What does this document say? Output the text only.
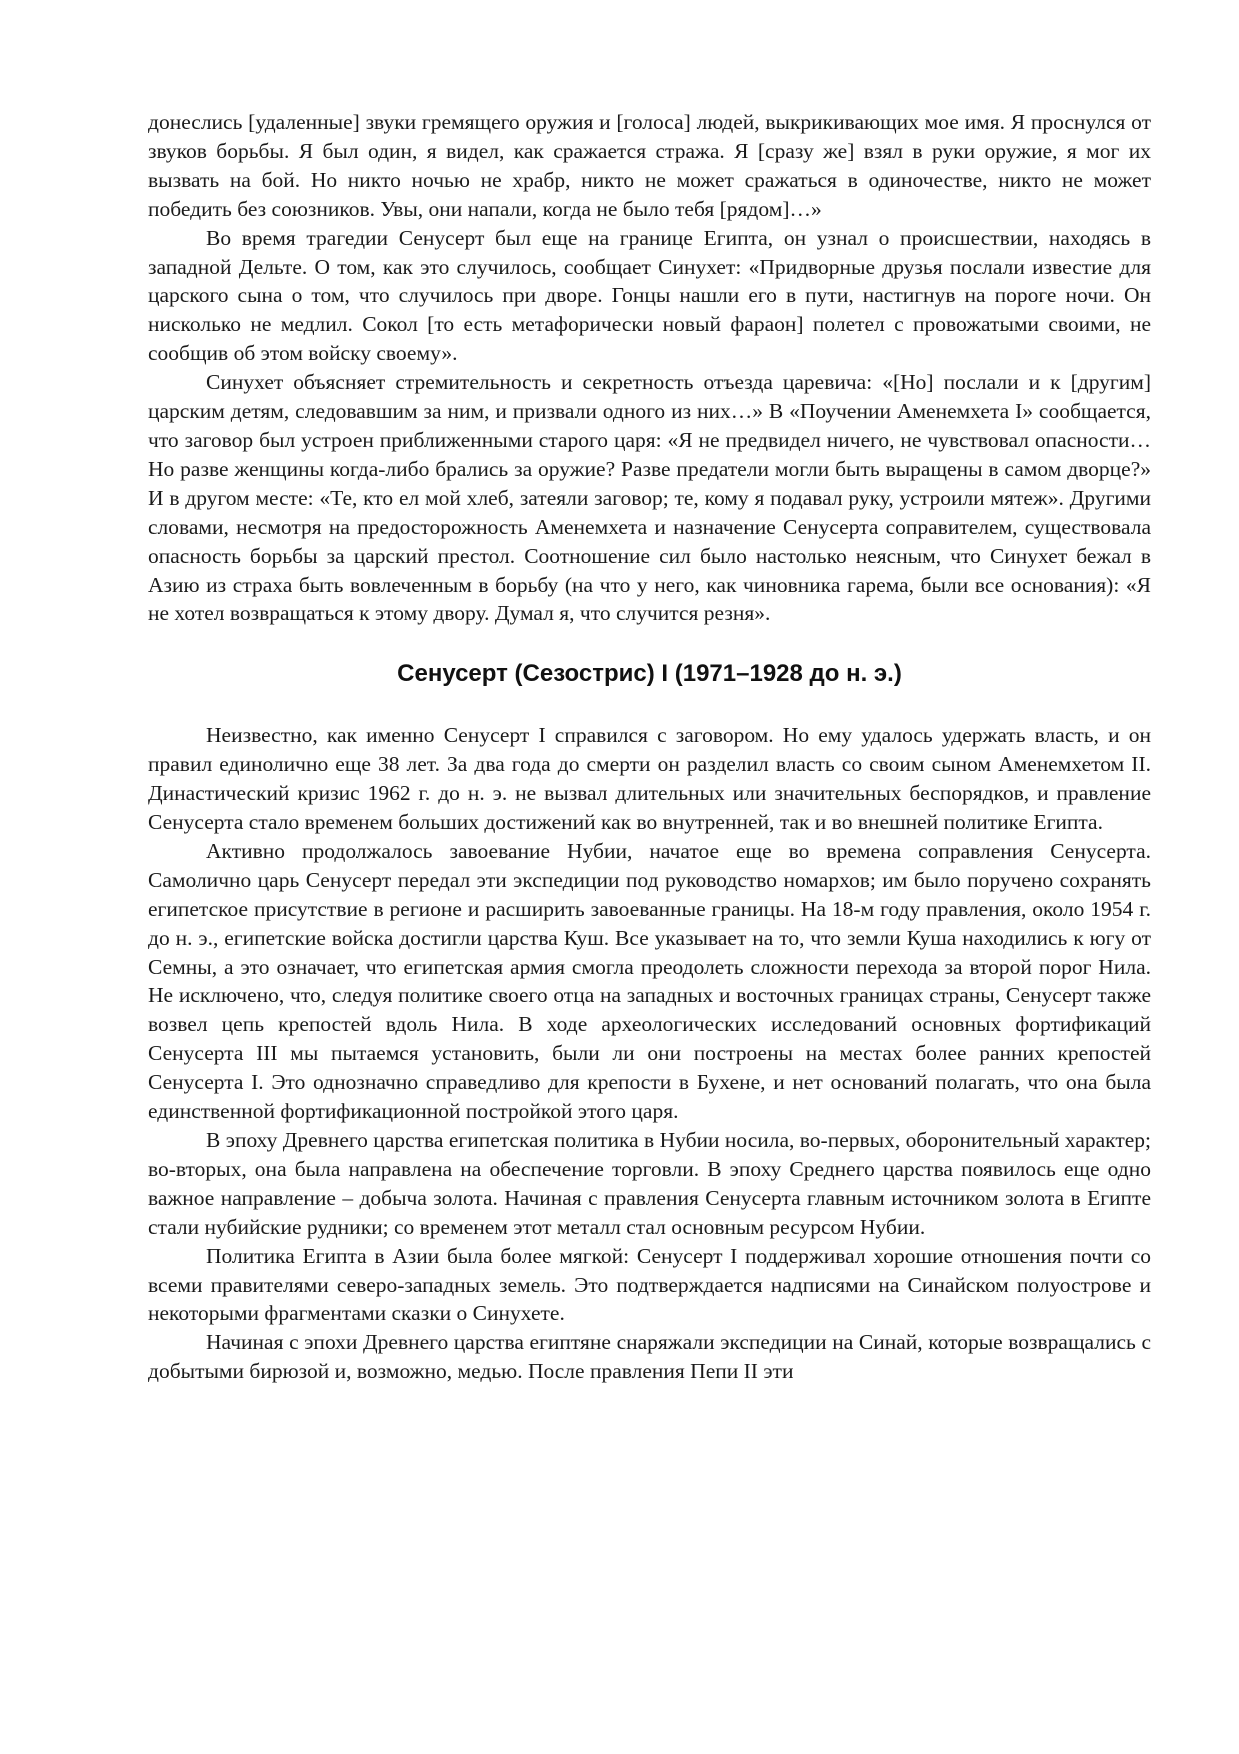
донеслись [удаленные] звуки гремящего оружия и [голоса] людей, выкрикивающих мое имя. Я проснулся от звуков борьбы. Я был один, я видел, как сражается стража. Я [сразу же] взял в руки оружие, я мог их вызвать на бой. Но никто ночью не храбр, никто не может сражаться в одиночестве, никто не может победить без союзников. Увы, они напали, когда не было тебя [рядом]…»

Во время трагедии Сенусерт был еще на границе Египта, он узнал о происшествии, находясь в западной Дельте. О том, как это случилось, сообщает Синухет: «Придворные друзья послали известие для царского сына о том, что случилось при дворе. Гонцы нашли его в пути, настигнув на пороге ночи. Он нисколько не медлил. Сокол [то есть метафорически новый фараон] полетел с провожатыми своими, не сообщив об этом войску своему».

Синухет объясняет стремительность и секретность отъезда царевича: «[Но] послали и к [другим] царским детям, следовавшим за ним, и призвали одного из них…» В «Поучении Аменемхета I» сообщается, что заговор был устроен приближенными старого царя: «Я не предвидел ничего, не чувствовал опасности… Но разве женщины когда-либо брались за оружие? Разве предатели могли быть выращены в самом дворце?» И в другом месте: «Те, кто ел мой хлеб, затеяли заговор; те, кому я подавал руку, устроили мятеж». Другими словами, несмотря на предосторожность Аменемхета и назначение Сенусерта соправителем, существовала опасность борьбы за царский престол. Соотношение сил было настолько неясным, что Синухет бежал в Азию из страха быть вовлеченным в борьбу (на что у него, как чиновника гарема, были все основания): «Я не хотел возвращаться к этому двору. Думал я, что случится резня».

Сенусерт (Сезострис) I (1971–1928 до н. э.)

Неизвестно, как именно Сенусерт I справился с заговором. Но ему удалось удержать власть, и он правил единолично еще 38 лет. За два года до смерти он разделил власть со своим сыном Аменемхетом II. Династический кризис 1962 г. до н. э. не вызвал длительных или значительных беспорядков, и правление Сенусерта стало временем больших достижений как во внутренней, так и во внешней политике Египта.

Активно продолжалось завоевание Нубии, начатое еще во времена соправления Сенусерта. Самолично царь Сенусерт передал эти экспедиции под руководство номархов; им было поручено сохранять египетское присутствие в регионе и расширить завоеванные границы. На 18-м году правления, около 1954 г. до н. э., египетские войска достигли царства Куш. Все указывает на то, что земли Куша находились к югу от Семны, а это означает, что египетская армия смогла преодолеть сложности перехода за второй порог Нила. Не исключено, что, следуя политике своего отца на западных и восточных границах страны, Сенусерт также возвел цепь крепостей вдоль Нила. В ходе археологических исследований основных фортификаций Сенусерта III мы пытаемся установить, были ли они построены на местах более ранних крепостей Сенусерта I. Это однозначно справедливо для крепости в Бухене, и нет оснований полагать, что она была единственной фортификационной постройкой этого царя.

В эпоху Древнего царства египетская политика в Нубии носила, во-первых, оборонительный характер; во-вторых, она была направлена на обеспечение торговли. В эпоху Среднего царства появилось еще одно важное направление – добыча золота. Начиная с правления Сенусерта главным источником золота в Египте стали нубийские рудники; со временем этот металл стал основным ресурсом Нубии.

Политика Египта в Азии была более мягкой: Сенусерт I поддерживал хорошие отношения почти со всеми правителями северо-западных земель. Это подтверждается надписями на Синайском полуострове и некоторыми фрагментами сказки о Синухете.

Начиная с эпохи Древнего царства египтяне снаряжали экспедиции на Синай, которые возвращались с добытыми бирюзой и, возможно, медью. После правления Пепи II эти
